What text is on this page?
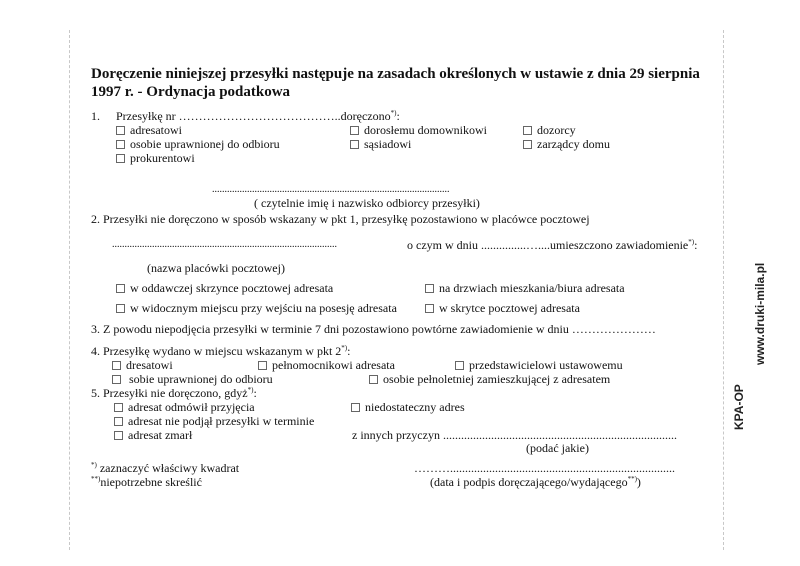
Doręczenie niniejszej przesyłki następuje na zasadach określonych w ustawie z dnia 29 sierpnia
1997 r. - Ordynacja podatkowa
1. Przesyłkę nr …………………………………..doręczono*):
adresatowi	dorosłemu domownikowi	dozorcy
osobie uprawnionej do odbioru	sąsiadowi	zarządcy domu
prokurentowi
...............................................................................................
( czytelnie imię i nazwisko odbiorcy przesyłki)
2. Przesyłki nie doręczono w sposób wskazany w pkt 1, przesyłkę pozostawiono w placówce pocztowej
..........................................................................................	o czym w dniu ...............…....umieszczono zawiadomienie*):
(nazwa placówki pocztowej)
w oddawczej skrzynce pocztowej adresata	na drzwiach mieszkania/biura adresata
w widocznym miejscu przy wejściu na posesję adresata	w skrytce pocztowej adresata
3. Z powodu niepodjęcia przesyłki w terminie 7 dni pozostawiono powtórne zawiadomienie w dniu …………………
4. Przesyłkę wydano w miejscu wskazanym w pkt 2*):
dresatowi	pełnomocnikowi adresata	przedstawicielowi ustawowemu
sobie uprawnionej do odbioru	osobie pełnoletniej zamieszkującej z adresatem
5. Przesyłki nie doręczono, gdyż*):
adresat odmówił przyjęcia	niedostateczny adres
adresat nie podjął przesyłki w terminie
adresat zmarł	z innych przyczyn ..............................................................................
(podać jakie)
*) zaznaczyć właściwy kwadrat
**)niepotrzebne skreślić
………...........................................................................
(data i podpis doręczającego/wydającego**))
KPA-OP
www.druki-mila.pl
